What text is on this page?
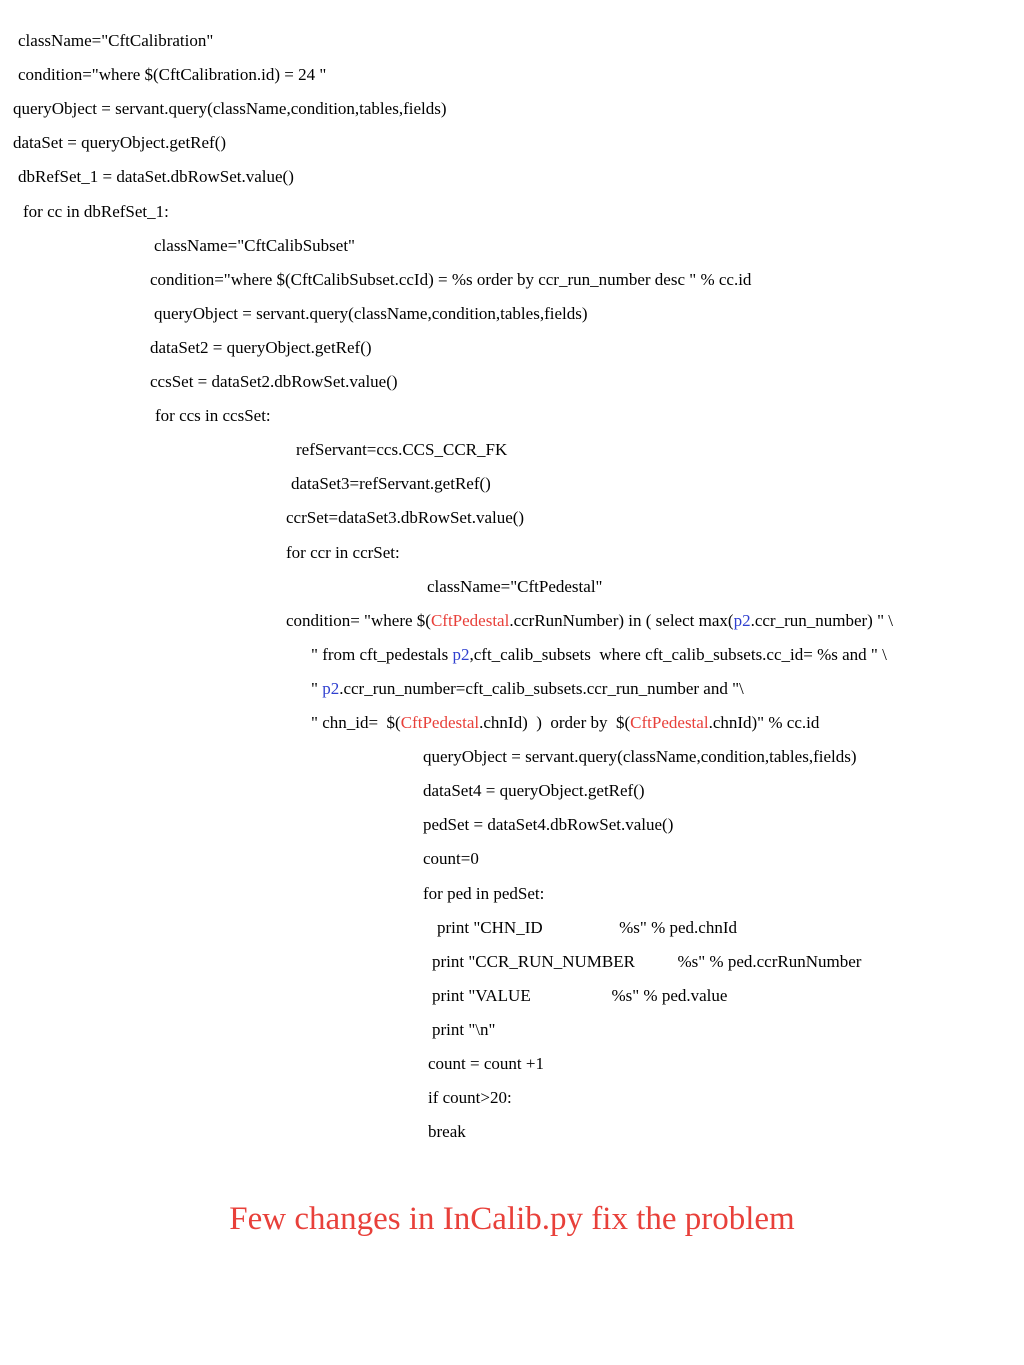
className="CftCalibration"
condition="where $(CftCalibration.id) = 24 "
queryObject = servant.query(className,condition,tables,fields)
dataSet = queryObject.getRef()
dbRefSet_1 = dataSet.dbRowSet.value()
for cc in dbRefSet_1:
className="CftCalibSubset"
condition="where $(CftCalibSubset.ccId) = %s order by ccr_run_number desc " % cc.id
queryObject = servant.query(className,condition,tables,fields)
dataSet2 = queryObject.getRef()
ccsSet = dataSet2.dbRowSet.value()
for ccs in ccsSet:
refServant=ccs.CCS_CCR_FK
dataSet3=refServant.getRef()
ccrSet=dataSet3.dbRowSet.value()
for ccr in ccrSet:
className="CftPedestal"
condition= "where $(CftPedestal.ccrRunNumber) in ( select max(p2.ccr_run_number) " \
" from cft_pedestals p2,cft_calib_subsets  where cft_calib_subsets.cc_id= %s and " \
" p2.ccr_run_number=cft_calib_subsets.ccr_run_number and "\
" chn_id=  $(CftPedestal.chnId)  )  order by  $(CftPedestal.chnId)" % cc.id
queryObject = servant.query(className,condition,tables,fields)
dataSet4 = queryObject.getRef()
pedSet = dataSet4.dbRowSet.value()
count=0
for ped in pedSet:
print "CHN_ID                  %s" % ped.chnId
print "CCR_RUN_NUMBER          %s" % ped.ccrRunNumber
print "VALUE                   %s" % ped.value
print "\n"
count = count +1
if count>20:
break
Few changes in InCalib.py fix the problem
